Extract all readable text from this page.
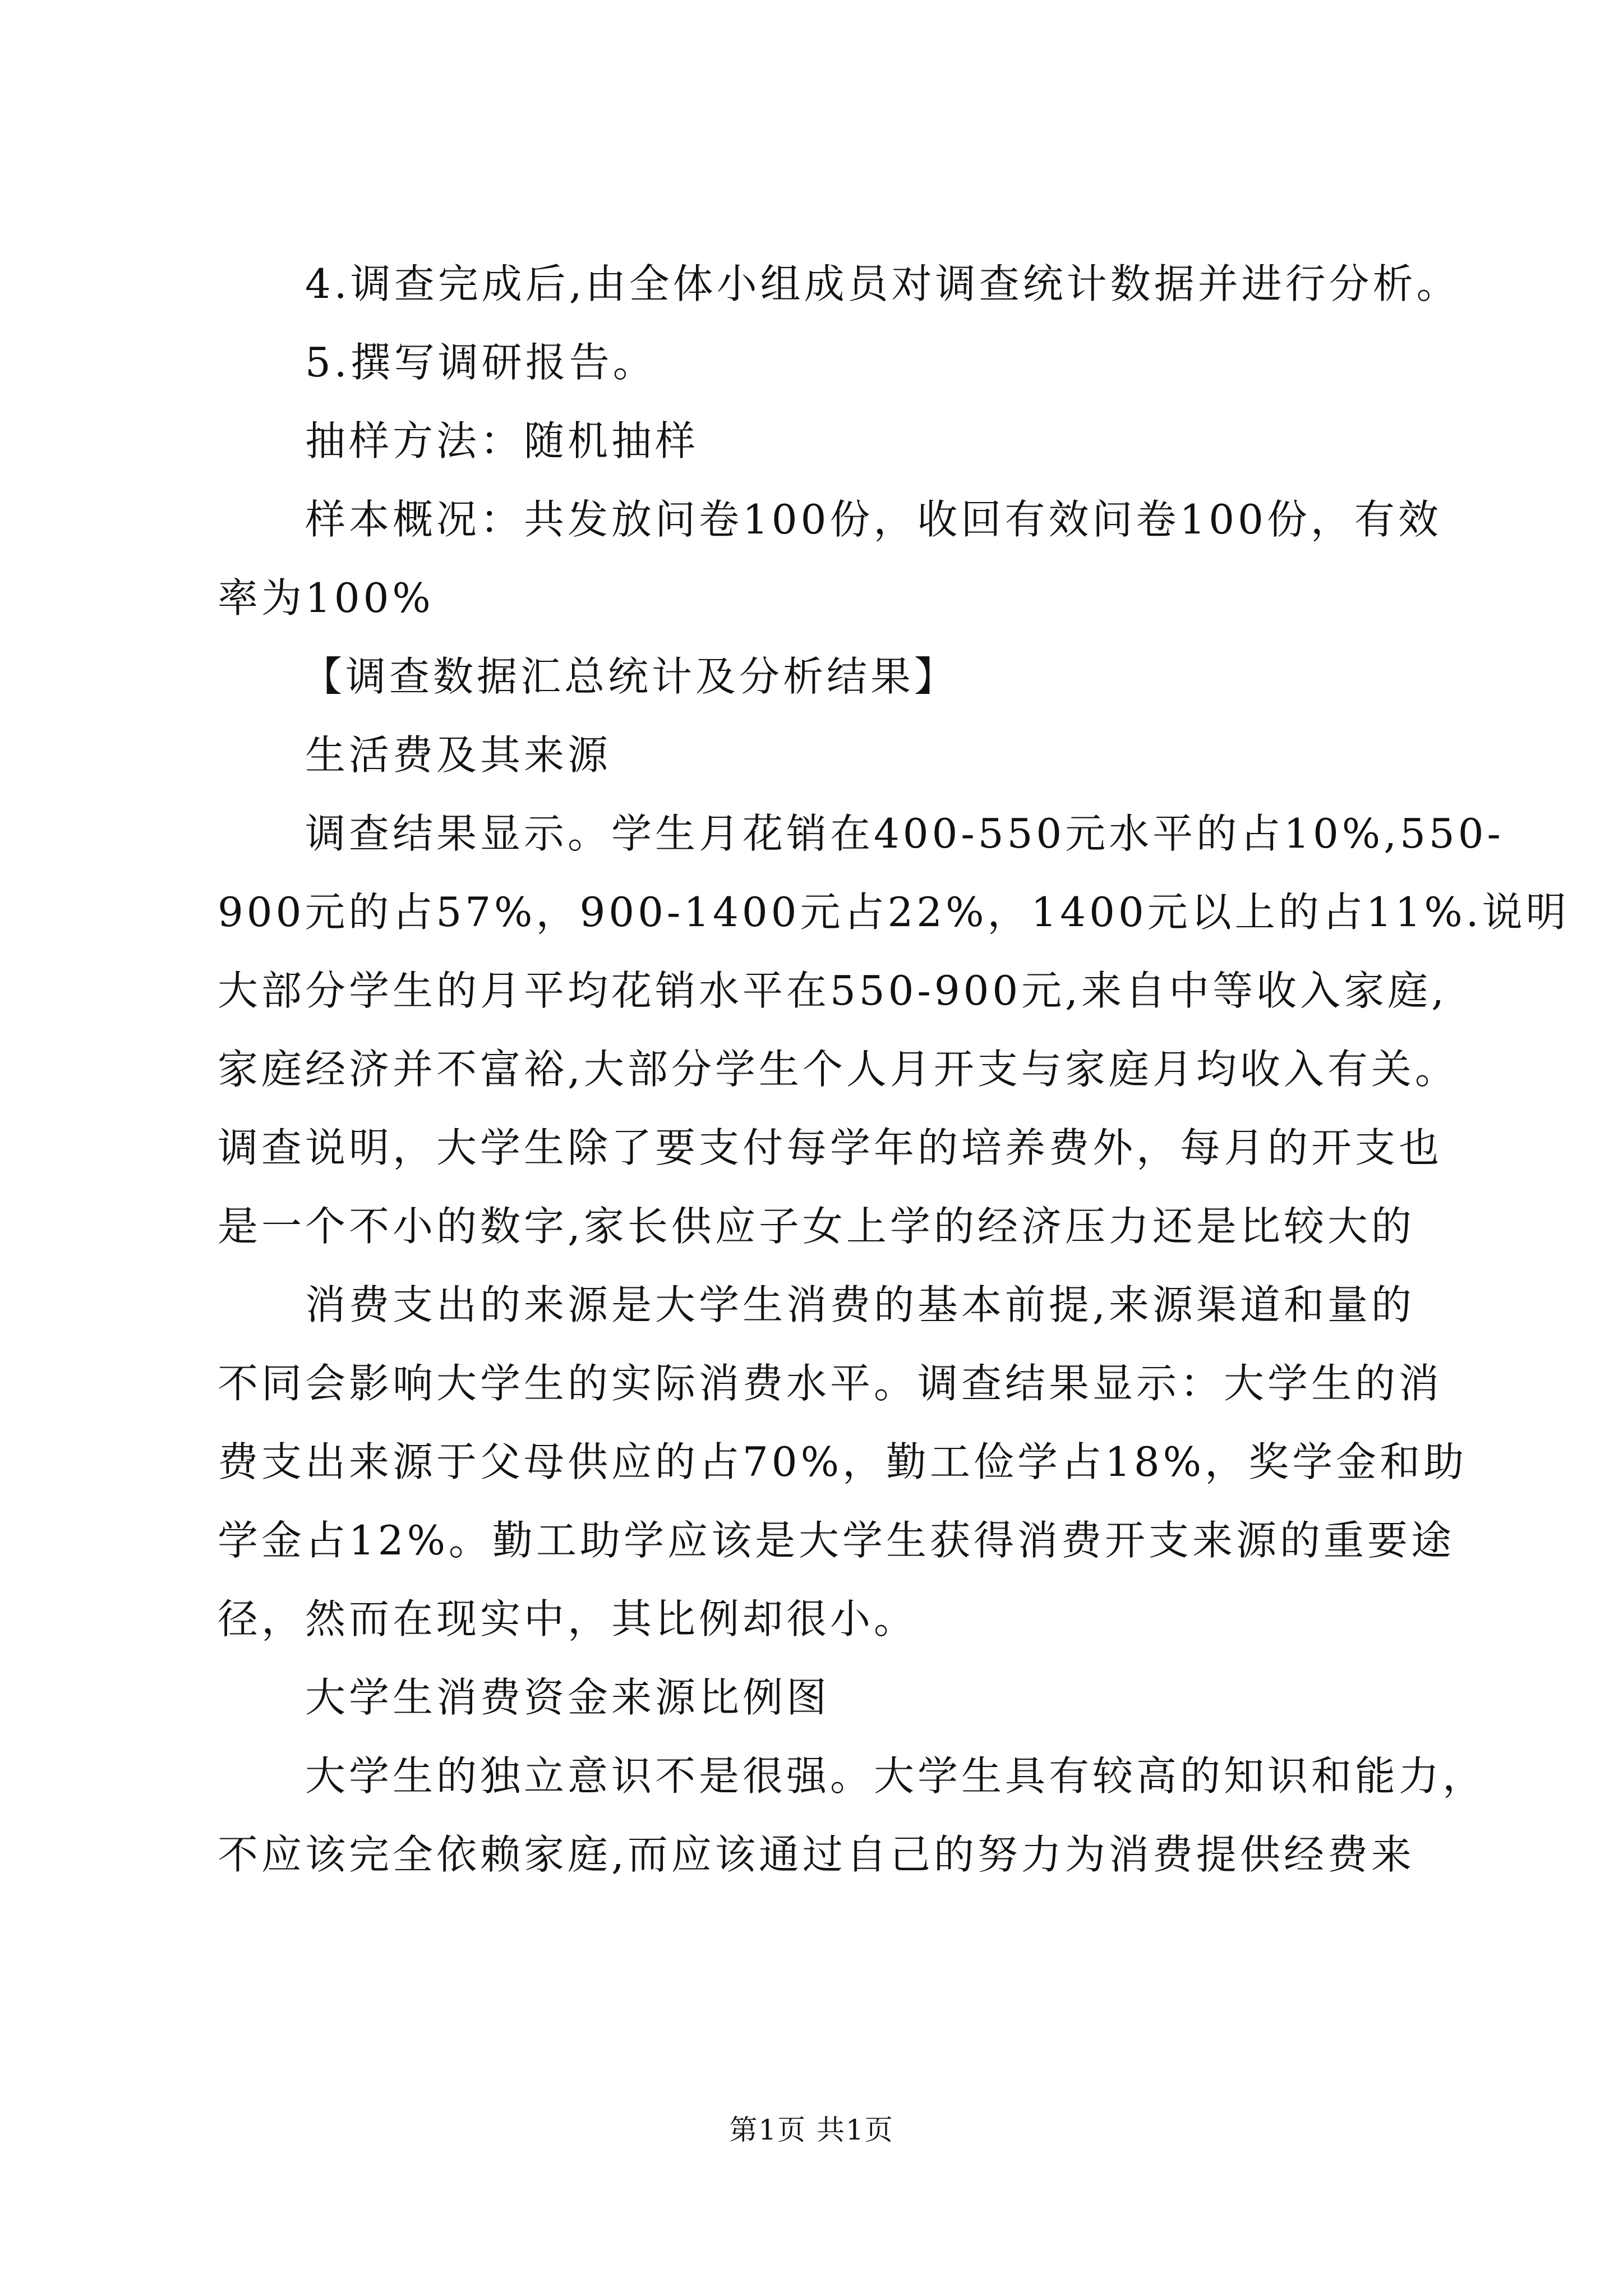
4.调查完成后,由全体小组成员对调查统计数据并进行分析。
5.撰写调研报告。
抽样方法：随机抽样
样本概况：共发放问卷100份，收回有效问卷100份，有效
率为100%
【调查数据汇总统计及分析结果】
生活费及其来源
调查结果显示。学生月花销在400-550元水平的占10%,550-
900元的占57%，900-1400元占22%，1400元以上的占11%.说明
大部分学生的月平均花销水平在550-900元,来自中等收入家庭,
家庭经济并不富裕,大部分学生个人月开支与家庭月均收入有关。
调查说明，大学生除了要支付每学年的培养费外，每月的开支也
是一个不小的数字,家长供应子女上学的经济压力还是比较大的
消费支出的来源是大学生消费的基本前提,来源渠道和量的
不同会影响大学生的实际消费水平。调查结果显示：大学生的消
费支出来源于父母供应的占70%，勤工俭学占18%，奖学金和助
学金占12%。勤工助学应该是大学生获得消费开支来源的重要途
径，然而在现实中，其比例却很小。
大学生消费资金来源比例图
大学生的独立意识不是很强。大学生具有较高的知识和能力，
不应该完全依赖家庭,而应该通过自己的努力为消费提供经费来
第1页 共1页
